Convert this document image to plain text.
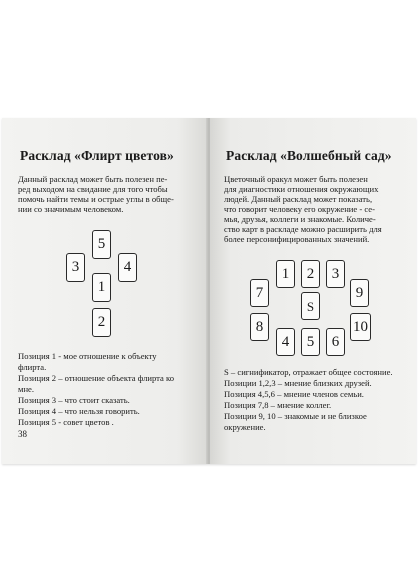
Расклад «Флирт цветов»
Данный расклад может быть полезен пе-
ред выходом на свидание для того чтобы
помочь найти темы и острые углы в обще-
нии со значимым человеком.
5
3	4
1
2
Позиция 1 - мое отношение к объекту
флирта.
Позиция 2 – отношение объекта флирта ко
мне.
Позиция 3 – что стоит сказать.
Позиция 4 – что нельзя говорить.
Позиция 5 - совет цветов .
38
Расклад «Волшебный сад»
Цветочный оракул может быть полезен
для диагностики отношения окружающих
людей. Данный расклад может показать,
что говорит человеку его окружение - се-
мья, друзья, коллеги и знакомые. Количе-
ство карт в раскладе можно расширить для
более персонифицированных значений.
1	2	3
7	9
S
8	10
4	5	6
S – сигнификатор, отражает общее состояние.
Позиции 1,2,3 – мнение близких друзей.
Позиция 4,5,6 – мнение членов семьи.
Позиция 7,8 – мнение коллег.
Позиции 9, 10 – знакомые и не близкое
окружение.
